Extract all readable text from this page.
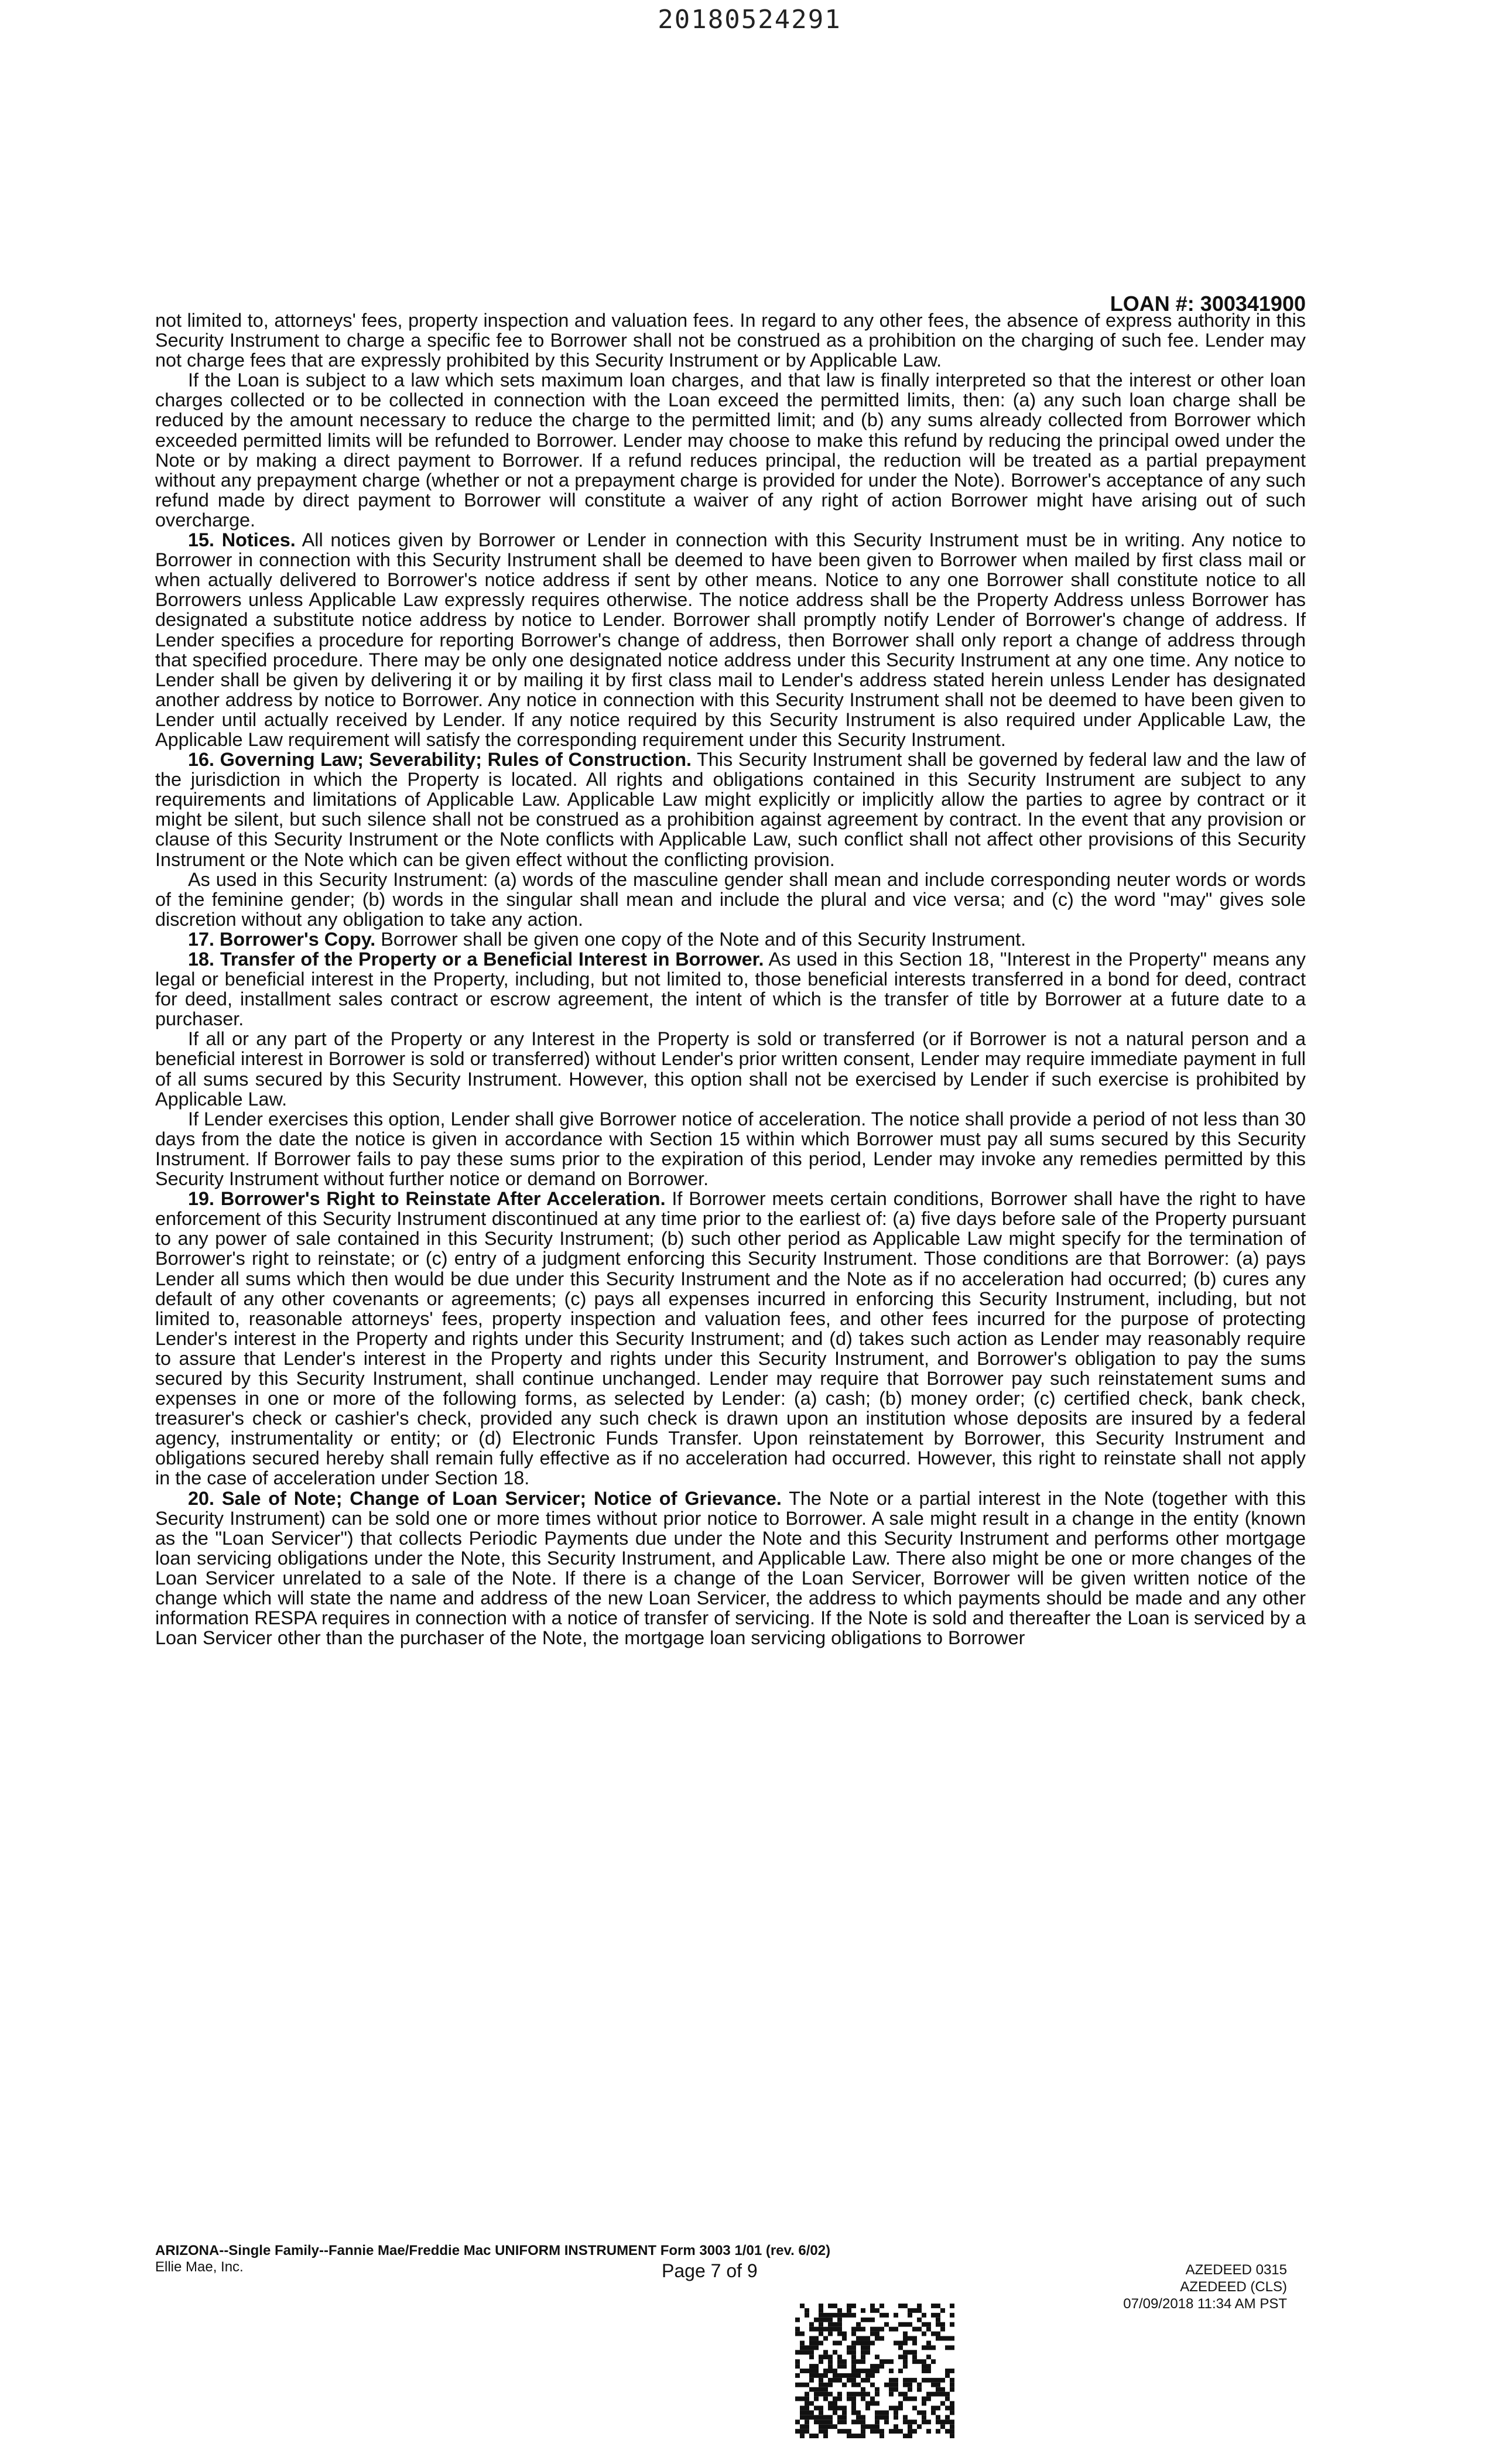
20180524291
LOAN #: 300341900

not limited to, attorneys' fees, property inspection and valuation fees. In regard to any other fees, the absence of express authority in this Security Instrument to charge a specific fee to Borrower shall not be construed as a prohibition on the charging of such fee. Lender may not charge fees that are expressly prohibited by this Security Instrument or by Applicable Law.

If the Loan is subject to a law which sets maximum loan charges, and that law is finally interpreted so that the interest or other loan charges collected or to be collected in connection with the Loan exceed the permitted limits, then: (a) any such loan charge shall be reduced by the amount necessary to reduce the charge to the permitted limit; and (b) any sums already collected from Borrower which exceeded permitted limits will be refunded to Borrower. Lender may choose to make this refund by reducing the principal owed under the Note or by making a direct payment to Borrower. If a refund reduces principal, the reduction will be treated as a partial prepayment without any prepayment charge (whether or not a prepayment charge is provided for under the Note). Borrower's acceptance of any such refund made by direct payment to Borrower will constitute a waiver of any right of action Borrower might have arising out of such overcharge.

15. Notices. All notices given by Borrower or Lender in connection with this Security Instrument must be in writing. Any notice to Borrower in connection with this Security Instrument shall be deemed to have been given to Borrower when mailed by first class mail or when actually delivered to Borrower's notice address if sent by other means. Notice to any one Borrower shall constitute notice to all Borrowers unless Applicable Law expressly requires otherwise. The notice address shall be the Property Address unless Borrower has designated a substitute notice address by notice to Lender. Borrower shall promptly notify Lender of Borrower's change of address. If Lender specifies a procedure for reporting Borrower's change of address, then Borrower shall only report a change of address through that specified procedure. There may be only one designated notice address under this Security Instrument at any one time. Any notice to Lender shall be given by delivering it or by mailing it by first class mail to Lender's address stated herein unless Lender has designated another address by notice to Borrower. Any notice in connection with this Security Instrument shall not be deemed to have been given to Lender until actually received by Lender. If any notice required by this Security Instrument is also required under Applicable Law, the Applicable Law requirement will satisfy the corresponding requirement under this Security Instrument.

16. Governing Law; Severability; Rules of Construction. This Security Instrument shall be governed by federal law and the law of the jurisdiction in which the Property is located. All rights and obligations contained in this Security Instrument are subject to any requirements and limitations of Applicable Law. Applicable Law might explicitly or implicitly allow the parties to agree by contract or it might be silent, but such silence shall not be construed as a prohibition against agreement by contract. In the event that any provision or clause of this Security Instrument or the Note conflicts with Applicable Law, such conflict shall not affect other provisions of this Security Instrument or the Note which can be given effect without the conflicting provision.

As used in this Security Instrument: (a) words of the masculine gender shall mean and include corresponding neuter words or words of the feminine gender; (b) words in the singular shall mean and include the plural and vice versa; and (c) the word "may" gives sole discretion without any obligation to take any action.

17. Borrower's Copy. Borrower shall be given one copy of the Note and of this Security Instrument.

18. Transfer of the Property or a Beneficial Interest in Borrower. As used in this Section 18, "Interest in the Property" means any legal or beneficial interest in the Property, including, but not limited to, those beneficial interests transferred in a bond for deed, contract for deed, installment sales contract or escrow agreement, the intent of which is the transfer of title by Borrower at a future date to a purchaser.

If all or any part of the Property or any Interest in the Property is sold or transferred (or if Borrower is not a natural person and a beneficial interest in Borrower is sold or transferred) without Lender's prior written consent, Lender may require immediate payment in full of all sums secured by this Security Instrument. However, this option shall not be exercised by Lender if such exercise is prohibited by Applicable Law.

If Lender exercises this option, Lender shall give Borrower notice of acceleration. The notice shall provide a period of not less than 30 days from the date the notice is given in accordance with Section 15 within which Borrower must pay all sums secured by this Security Instrument. If Borrower fails to pay these sums prior to the expiration of this period, Lender may invoke any remedies permitted by this Security Instrument without further notice or demand on Borrower.

19. Borrower's Right to Reinstate After Acceleration. If Borrower meets certain conditions, Borrower shall have the right to have enforcement of this Security Instrument discontinued at any time prior to the earliest of: (a) five days before sale of the Property pursuant to any power of sale contained in this Security Instrument; (b) such other period as Applicable Law might specify for the termination of Borrower's right to reinstate; or (c) entry of a judgment enforcing this Security Instrument. Those conditions are that Borrower: (a) pays Lender all sums which then would be due under this Security Instrument and the Note as if no acceleration had occurred; (b) cures any default of any other covenants or agreements; (c) pays all expenses incurred in enforcing this Security Instrument, including, but not limited to, reasonable attorneys' fees, property inspection and valuation fees, and other fees incurred for the purpose of protecting Lender's interest in the Property and rights under this Security Instrument; and (d) takes such action as Lender may reasonably require to assure that Lender's interest in the Property and rights under this Security Instrument, and Borrower's obligation to pay the sums secured by this Security Instrument, shall continue unchanged. Lender may require that Borrower pay such reinstatement sums and expenses in one or more of the following forms, as selected by Lender: (a) cash; (b) money order; (c) certified check, bank check, treasurer's check or cashier's check, provided any such check is drawn upon an institution whose deposits are insured by a federal agency, instrumentality or entity; or (d) Electronic Funds Transfer. Upon reinstatement by Borrower, this Security Instrument and obligations secured hereby shall remain fully effective as if no acceleration had occurred. However, this right to reinstate shall not apply in the case of acceleration under Section 18.

20. Sale of Note; Change of Loan Servicer; Notice of Grievance. The Note or a partial interest in the Note (together with this Security Instrument) can be sold one or more times without prior notice to Borrower. A sale might result in a change in the entity (known as the "Loan Servicer") that collects Periodic Payments due under the Note and this Security Instrument and performs other mortgage loan servicing obligations under the Note, this Security Instrument, and Applicable Law. There also might be one or more changes of the Loan Servicer unrelated to a sale of the Note. If there is a change of the Loan Servicer, Borrower will be given written notice of the change which will state the name and address of the new Loan Servicer, the address to which payments should be made and any other information RESPA requires in connection with a notice of transfer of servicing. If the Note is sold and thereafter the Loan is serviced by a Loan Servicer other than the purchaser of the Note, the mortgage loan servicing obligations to Borrower

ARIZONA--Single Family--Fannie Mae/Freddie Mac UNIFORM INSTRUMENT Form 3003 1/01 (rev. 6/02)
Ellie Mae, Inc.	Page 7 of 9	AZEDEED 0315
AZEDEED (CLS)
07/09/2018 11:34 AM PST
